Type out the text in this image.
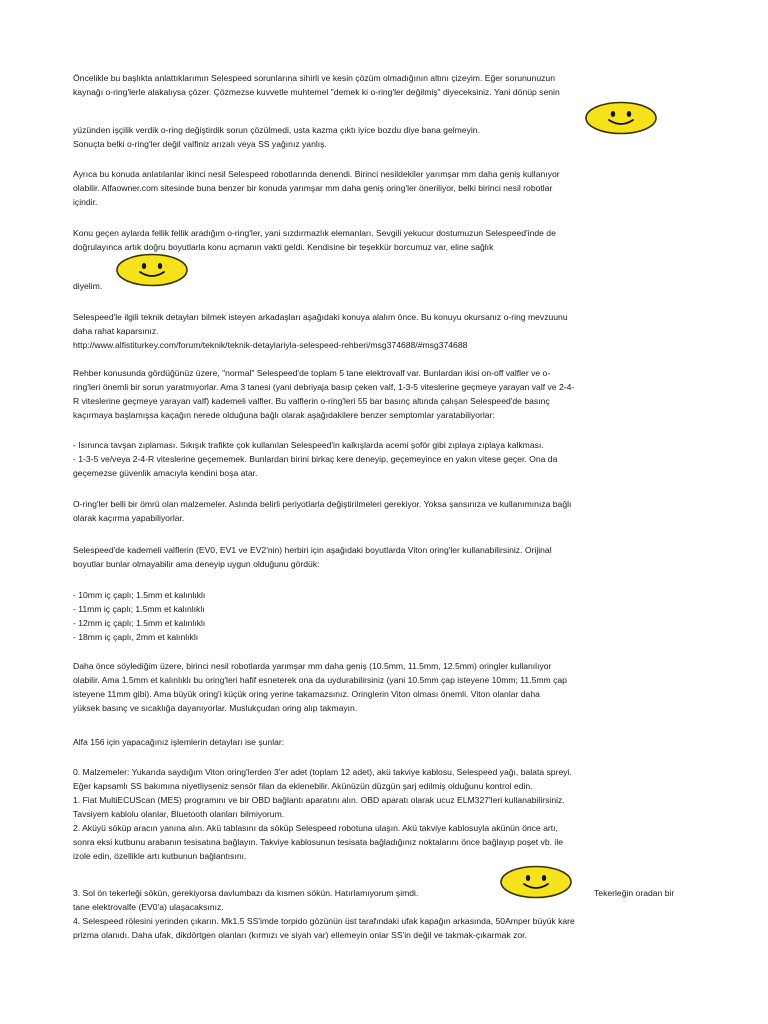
Öncelikle bu başlıkta anlattıklarımın Selespeed sorunlarına sihirli ve kesin çözüm olmadığının altını çizeyim. Eğer sorununuzun
kaynağı o-ring'lerle alakalıysa çözer. Çözmezse kuvvetle muhtemel "demek ki o-ring'ler değilmiş" diyeceksiniz. Yani dönüp senin
yüzünden işçilik verdik o-ring değiştirdik sorun çözülmedi, usta kazma çıktı iyice bozdu diye bana gelmeyin.
Sonuçta belki o-ring'ler değil valfiniz arızalı veya SS yağınız yanlış.
Ayrıca bu konuda anlatılanlar ikinci nesil Selespeed robotlarında denendi. Birinci nesildekiler yarımşar mm daha geniş kullanıyor
olabilir. Alfaowner.com sitesinde buna benzer bir konuda yarımşar mm daha geniş oring'ler öneriliyor, belki birinci nesil robotlar
içindir.
Konu geçen aylarda fellik fellik aradığım o-ring'ler, yani sızdırmazlık elemanları. Sevgili yekucur dostumuzun Selespeed'inde de
doğrulayınca artık doğru boyutlarla konu açmanın vakti geldi. Kendisine bir teşekkür borcumuz var, eline sağlık
diyelim.
Selespeed'le ilgili teknik detayları bilmek isteyen arkadaşları aşağıdaki konuya alalım önce. Bu konuyu okursanız o-ring mevzuunu
daha rahat kaparsınız.
http://www.alfistiturkey.com/forum/teknik/teknik-detaylariyla-selespeed-rehberi/msg374688/#msg374688
Rehber konusunda gördüğünüz üzere, "normal" Selespeed'de toplam 5 tane elektrovalf var. Bunlardan ikisi on-off valfler ve o-
ring'leri önemli bir sorun yaratmıyorlar. Ama 3 tanesi (yani debriyaja basıp çeken valf, 1-3-5 viteslerine geçmeye yarayan valf ve 2-4-
R viteslerine geçmeye yarayan valf) kademeli valfler. Bu valflerin o-ring'leri 55 bar basınç altında çalışan Selespeed'de basınç
kaçırmaya başlamışsa kaçağın nerede olduğuna bağlı olarak aşağıdakilere benzer semptomlar yaratabiliyorlar:
- Isınınca tavşan zıplaması. Sıkışık trafikte çok kullanılan Selespeed'in kalkışlarda acemi şoför gibi zıplaya zıplaya kalkması.
- 1-3-5 ve/veya 2-4-R viteslerine geçememek. Bunlardan birini birkaç kere deneyip, geçemeyince en yakın vitese geçer. Ona da
geçemezse güvenlik amacıyla kendini boşa atar.
O-ring'ler belli bir ömrü olan malzemeler. Aslında belirli periyotlarla değiştirilmeleri gerekiyor. Yoksa şansınıza ve kullanımınıza bağlı
olarak kaçırma yapabiliyorlar.
Selespeed'de kademeli valflerin (EV0, EV1 ve EV2'nin) herbiri için aşağıdaki boyutlarda Viton oring'ler kullanabilirsiniz. Orijinal
boyutlar bunlar olmayabilir ama deneyip uygun olduğunu gördük:
- 10mm iç çaplı; 1.5mm et kalınlıklı
- 11mm iç çaplı; 1.5mm et kalınlıklı
- 12mm iç çaplı; 1.5mm et kalınlıklı
- 18mm iç çaplı, 2mm et kalınlıklı
Daha önce söylediğim üzere, birinci nesil robotlarda yarımşar mm daha geniş (10.5mm, 11.5mm, 12.5mm) oringler kullanılıyor
olabilir. Ama 1.5mm et kalınlıklı bu oring'leri hafif esneterek ona da uydurabilirsiniz (yani 10.5mm çap isteyene 10mm; 11.5mm çap
isteyene 11mm gibi). Ama büyük oring'i küçük oring yerine takamazsınız. Oringlerin Viton olması önemli. Viton olanlar daha
yüksek basınç ve sıcaklığa dayanıyorlar. Muslukçudan oring alıp takmayın.
Alfa 156 için yapacağınız işlemlerin detayları ise şunlar:
0. Malzemeler: Yukarıda saydığım Viton oring'lerden 3'er adet (toplam 12 adet), akü takviye kablosu, Selespeed yağı, balata spreyi.
Eğer kapsamlı SS bakımına niyetliyseniz sensör filan da eklenebilir. Akünüzün düzgün şarj edilmiş olduğunu kontrol edin.
1. Fiat MultiECUScan (MES) programını ve bir OBD bağlantı aparatını alın. OBD aparatı olarak ucuz ELM327'leri kullanabilirsiniz.
Tavsiyem kablolu olanlar, Bluetooth olanları bilmiyorum.
2. Aküyü söküp aracın yanına alın. Akü tablasını da söküp Selespeed robotuna ulaşın. Akü takviye kablosuyla akünün önce artı,
sonra eksi kutbunu arabanın tesisatına bağlayın. Takviye kablosunun tesisata bağladığınız noktalarını önce bağlayıp poşet vb. ile
izole edin, özellikle artı kutbunun bağlantısını.
3. Sol ön tekerleği sökün, gerekiyorsa davlumbazı da kısmen sökün. Hatırlamıyorum şimdi.
tane elektrovalfe (EV0'a) ulaşacaksınız.
Tekerleğin oradan bir
4. Selespeed rölesini yerinden çıkarın. Mk1.5 SS'imde torpido gözünün üst tarafındaki ufak kapağın arkasında, 50Amper büyük kare
prizma olanıdı. Daha ufak, dikdörtgen olanları (kırmızı ve siyah var) ellemeyin onlar SS'in değil ve takmak-çıkarmak zor.
